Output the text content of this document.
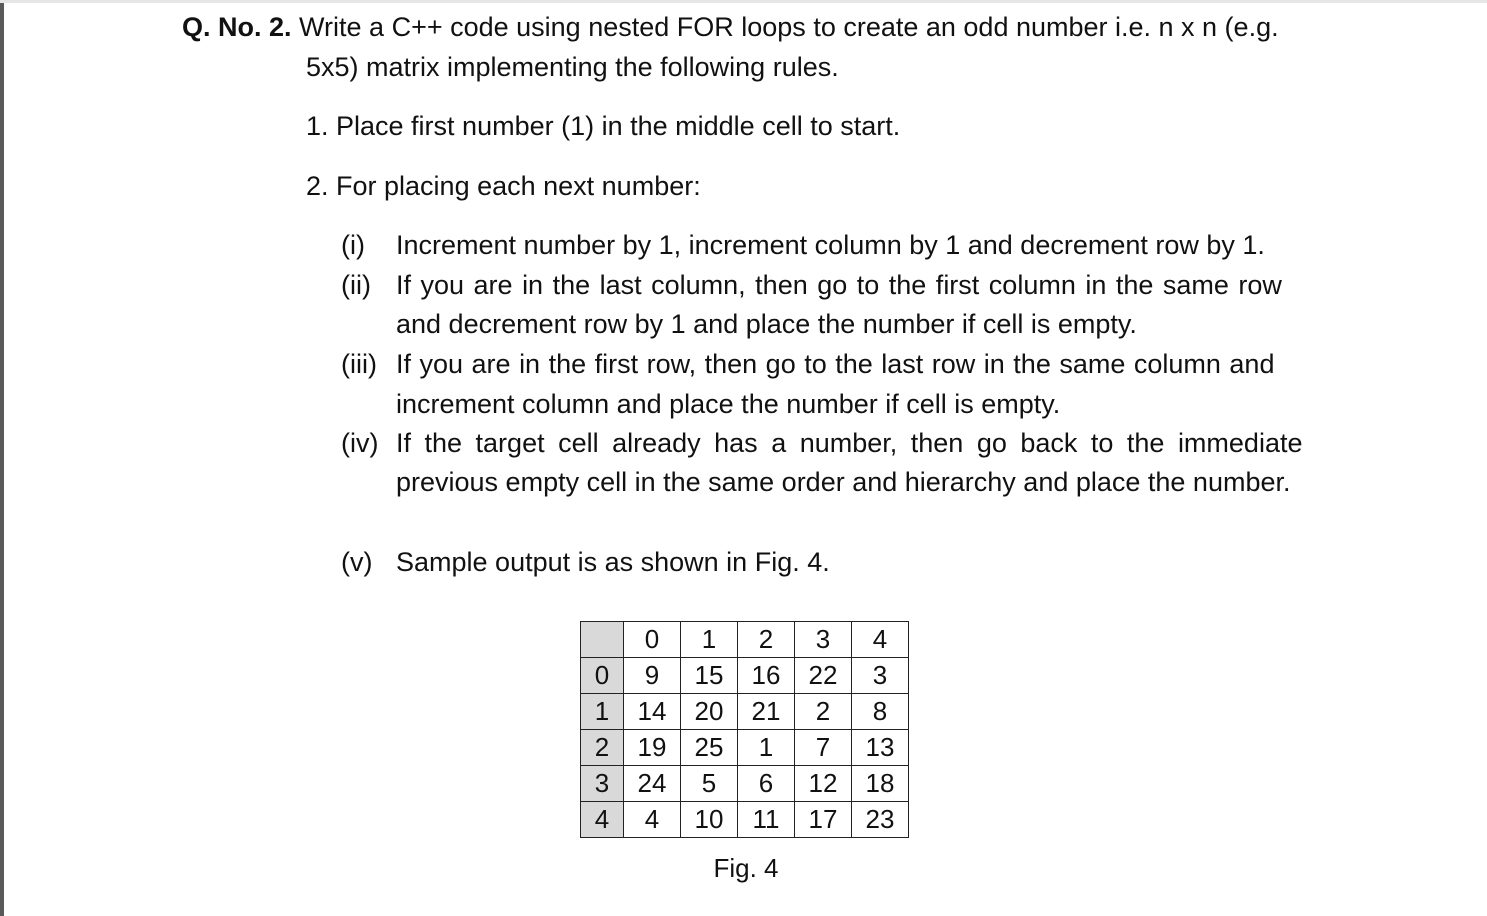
Q. No. 2. Write a C++ code using nested FOR loops to create an odd number i.e. n x n (e.g.
5x5) matrix implementing the following rules.
1. Place first number (1) in the middle cell to start.
2. For placing each next number:
(i) Increment number by 1, increment column by 1 and decrement row by 1.
(ii) If you are in the last column, then go to the first column in the same row
and decrement row by 1 and place the number if cell is empty.
(iii) If you are in the first row, then go to the last row in the same column and
increment column and place the number if cell is empty.
(iv) If the target cell already has a number, then go back to the immediate
previous empty cell in the same order and hierarchy and place the number.
(v) Sample output is as shown in Fig. 4.
	0	1	2	3	4
0	9	15	16	22	3
1	14	20	21	2	8
2	19	25	1	7	13
3	24	5	6	12	18
4	4	10	11	17	23
Fig. 4
